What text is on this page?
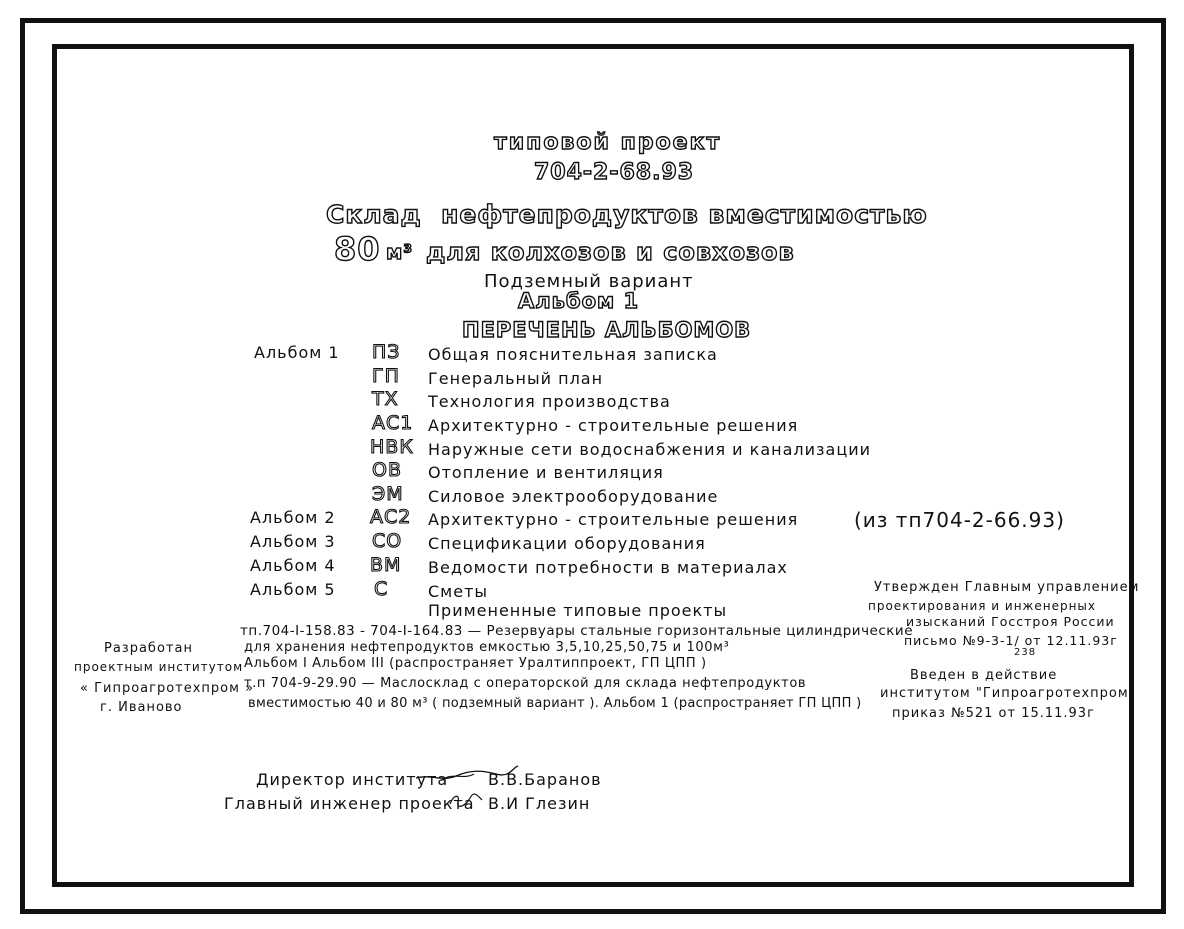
типовой проект
704-2-68.93
Склад  нефтепродуктов вместимостью
80 м³ для колхозов и совхозов
Подземный вариант
Альбом 1
ПЕРЕЧЕНЬ АЛЬБОМОВ
Альбом 1 ПЗ Общая пояснительная записка
ГП Генеральный план
ТХ Технология производства
АС1 Архитектурно - строительные решения
НВК Наружные сети водоснабжения и канализации
ОВ Отопление и вентиляция
ЭМ Силовое электрооборудование
Альбом 2 АС2 Архитектурно - строительные решения	(из тп704-2-66.93)
Альбом 3 СО Спецификации оборудования
Альбом 4 ВМ Ведомости потребности в материалах
Альбом 5 С Сметы
Примененные типовые проекты
тп.704-I-158.83 - 704-I-164.83 — Резервуары стальные горизонтальные цилиндрические
для хранения нефтепродуктов емкостью 3,5,10,25,50,75 и 100м³
Альбом I Альбом III (распространяет Уралтиппроект, ГП ЦПП )
т.п 704-9-29.90 — Маслосклад с операторской для склада нефтепродуктов
вместимостью 40 и 80 м³ ( подземный вариант ). Альбом 1 (распространяет ГП ЦПП )
Разработан
проектным институтом
« Гипроагротехпром »
г. Иваново
Утвержден Главным управлением
проектирования и инженерных
изысканий Госстроя России
письмо №9-3-1/ от 12.11.93г
238
Введен в действие
институтом "Гипроагротехпром"
приказ №521 от 15.11.93г
Директор института В.В.Баранов
Главный инженер проекта В.И Глезин
